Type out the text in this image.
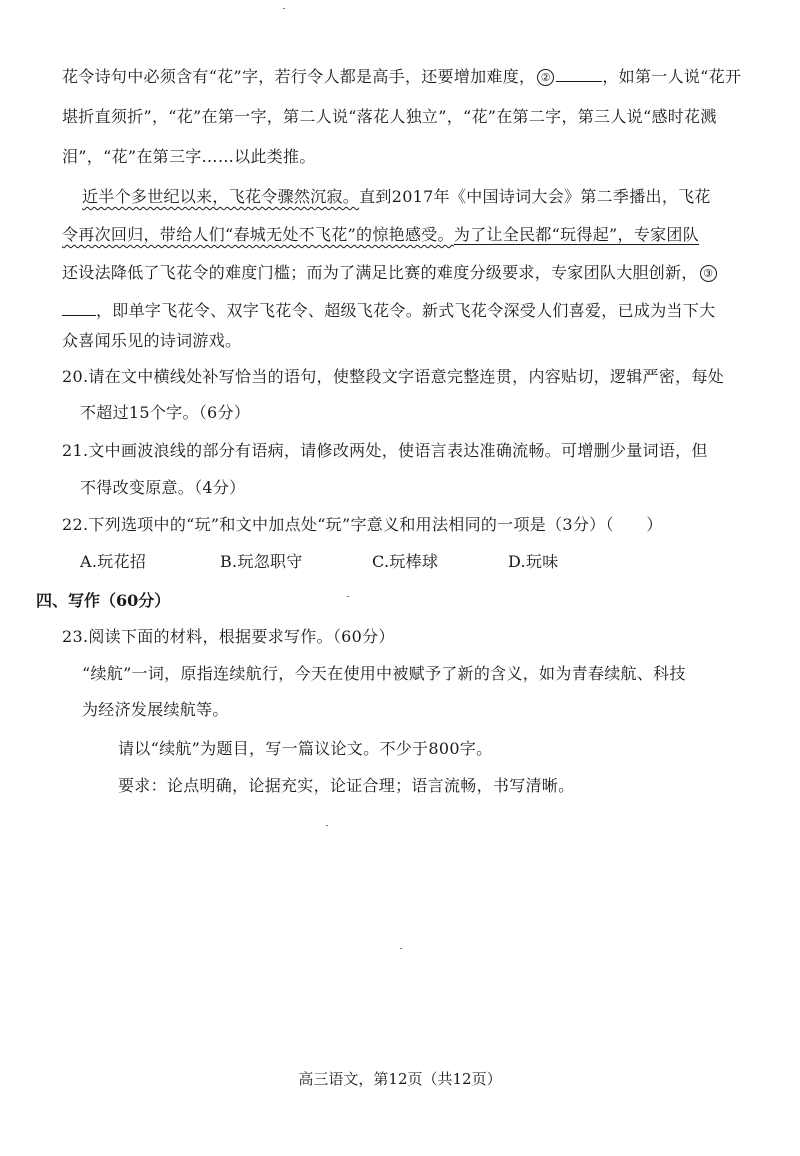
花令诗句中必须含有“花”字，若行令人都是高手，还要增加难度， ②	，如第一人说“花开
堪折直须折”，“花”在第一字，第二人说“落花人独立”，“花”在第二字，第三人说“感时花溅
泪”，“花”在第三字……以此类推。
近半个多世纪以来，飞花令骤然沉寂。直到2017年《中国诗词大会》第二季播出，飞花
令再次回归，带给人们“春城无处不飞花”的惊艳感受。为了让全民都“玩得起”，专家团队
还设法降低了飞花令的难度门槛；而为了满足比赛的难度分级要求，专家团队大胆创新， ③
，即单字飞花令、双字飞花令、超级飞花令。新式飞花令深受人们喜爱，已成为当下大
众喜闻乐见的诗词游戏。
20.请在文中横线处补写恰当的语句，使整段文字语意完整连贯，内容贴切，逻辑严密，每处
不超过15个字。（6分）
21.文中画波浪线的部分有语病，请修改两处，使语言表达准确流畅。可增删少量词语，但
不得改变原意。（4分）
22.下列选项中的“玩”和文中加点处“玩”字意义和用法相同的一项是（3分）（　　）
A.玩花招	B.玩忽职守	C.玩棒球	D.玩味
四、写作（60分）
23.阅读下面的材料，根据要求写作。（60分）
“续航”一词，原指连续航行，今天在使用中被赋予了新的含义，如为青春续航、科技
为经济发展续航等。
请以“续航”为题目，写一篇议论文。不少于800字。
要求：论点明确，论据充实，论证合理；语言流畅，书写清晰。
高三语文，第12页（共12页）
